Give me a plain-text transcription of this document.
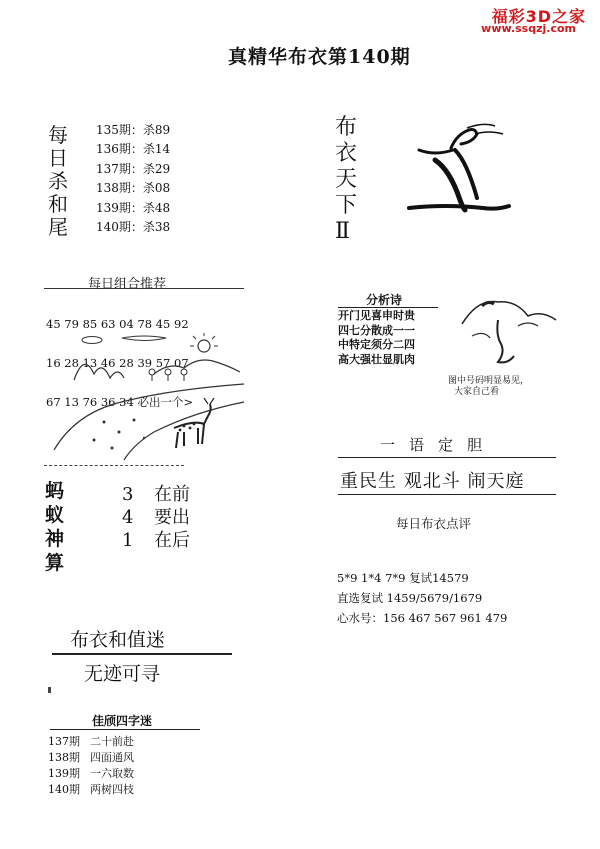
福彩3D之家
www.ssqzj.com
真精华布衣第140期
每日杀和尾
135期：杀89
136期：杀14
137期：杀29
138期：杀08
139期：杀48
140期：杀38
每日组合推荐

45 79 85 63 04 78 45 92

16 28 13 46 28 39 57 07

67 13 76 36 34 必出一个>

蚂蚁神算
3 在前
4 要出
1 在后
布衣和值迷
无迹可寻
佳颀四字迷
137期 二十前赴
138期 四面通风
139期 一六取数
140期 两树四枝
布衣天下Ⅱ
分析诗
开门见喜申时贵
四七分散成一一
中特定须分二四
高大强壮显肌肉
图中号码明显易见，
大家自己看
一语定胆
重民生 观北斗 闹天庭
每日布衣点评
5*9 1*4 7*9 复试14579
直选复试 1459/5679/1679
心水号：156 467 567 961 479
